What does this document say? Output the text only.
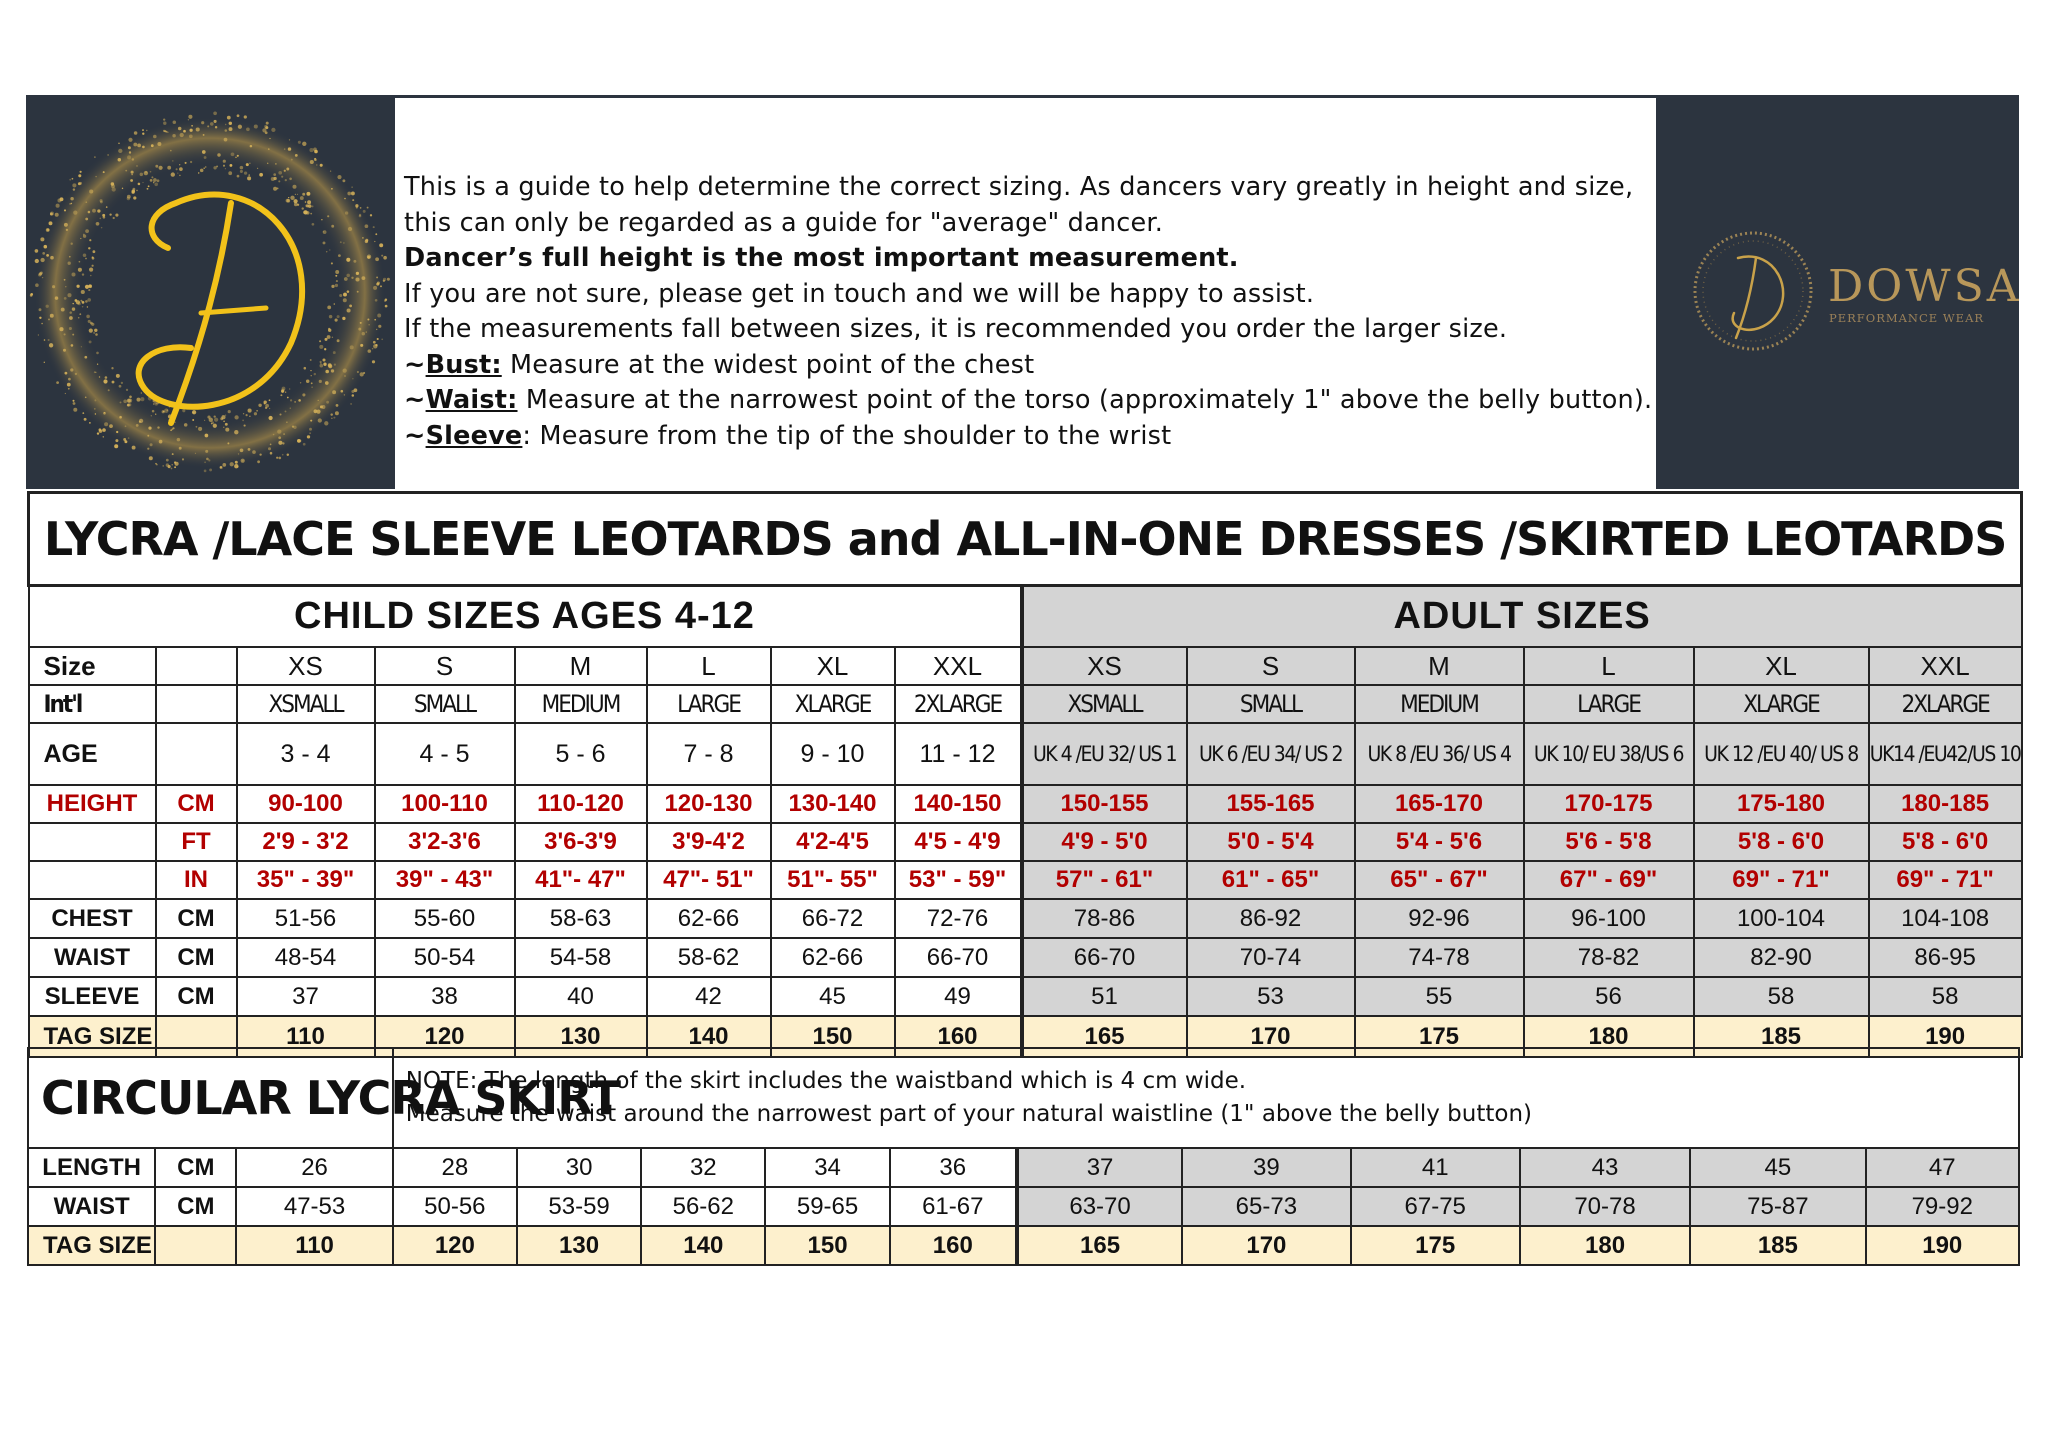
This is a guide to help determine the correct sizing. As dancers vary greatly in height and size,

this can only be regarded as a guide for "average" dancer.

Dancer’s full height is the most important measurement.

If you are not sure, please get in touch and we will be happy to assist.

If the measurements fall between sizes, it is recommended you order the larger size.

~Bust: Measure at the widest point of the chest

~Waist: Measure at the narrowest point of the torso (approximately 1" above the belly button).

~Sleeve: Measure from the tip of the shoulder to the wrist

DOWSA
PERFORMANCE WEAR
LYCRA /LACE SLEEVE LEOTARDS and ALL-IN-ONE DRESSES /SKIRTED LEOTARDS													
CHILD SIZES AGES 4-12								ADULT SIZES					
Size		XS	S	M	L	XL	XXL	XS	S	M	L	XL	XXL
Int'l		XSMALL	SMALL	MEDIUM	LARGE	XLARGE	2XLARGE	XSMALL	SMALL	MEDIUM	LARGE	XLARGE	2XLARGE
AGE		3 - 4	4 - 5	5 - 6	7 - 8	9 - 10	11 - 12	UK 4 /EU 32/ US 1	UK 6 /EU 34/ US 2	UK 8 /EU 36/ US 4	UK 10/ EU 38/US 6	UK 12 /EU 40/ US 8	UK14 /EU42/US 10
HEIGHT	CM	90-100	100-110	110-120	120-130	130-140	140-150	150-155	155-165	165-170	170-175	175-180	180-185
	FT	2'9 - 3'2	3'2-3'6	3'6-3'9	3'9-4'2	4'2-4'5	4'5 - 4'9	4'9 - 5'0	5'0 - 5'4	5'4 - 5'6	5'6 - 5'8	5'8 - 6'0	5'8 - 6'0
	IN	35" - 39"	39" - 43"	41"- 47"	47"- 51"	51"- 55"	53" - 59"	57" - 61"	61" - 65"	65" - 67"	67" - 69"	69" - 71"	69" - 71"
CHEST	CM	51-56	55-60	58-63	62-66	66-72	72-76	78-86	86-92	92-96	96-100	100-104	104-108
WAIST	CM	48-54	50-54	54-58	58-62	62-66	66-70	66-70	70-74	74-78	78-82	82-90	86-95
SLEEVE	CM	37	38	40	42	45	49	51	53	55	56	58	58
TAG SIZE		110	120	130	140	150	160	165	170	175	180	185	190
CIRCULAR LYCRA SKIRT			NOTE: The length of the skirt includes the waistband which is 4 cm wide.

Measure the waist around the narrowest part of your natural waistline (1" above the belly button)										

LENGTH	CM	26	28	30	32	34	36	37	39	41	43	45	47
WAIST	CM	47-53	50-56	53-59	56-62	59-65	61-67	63-70	65-73	67-75	70-78	75-87	79-92
TAG SIZE		110	120	130	140	150	160	165	170	175	180	185	190
